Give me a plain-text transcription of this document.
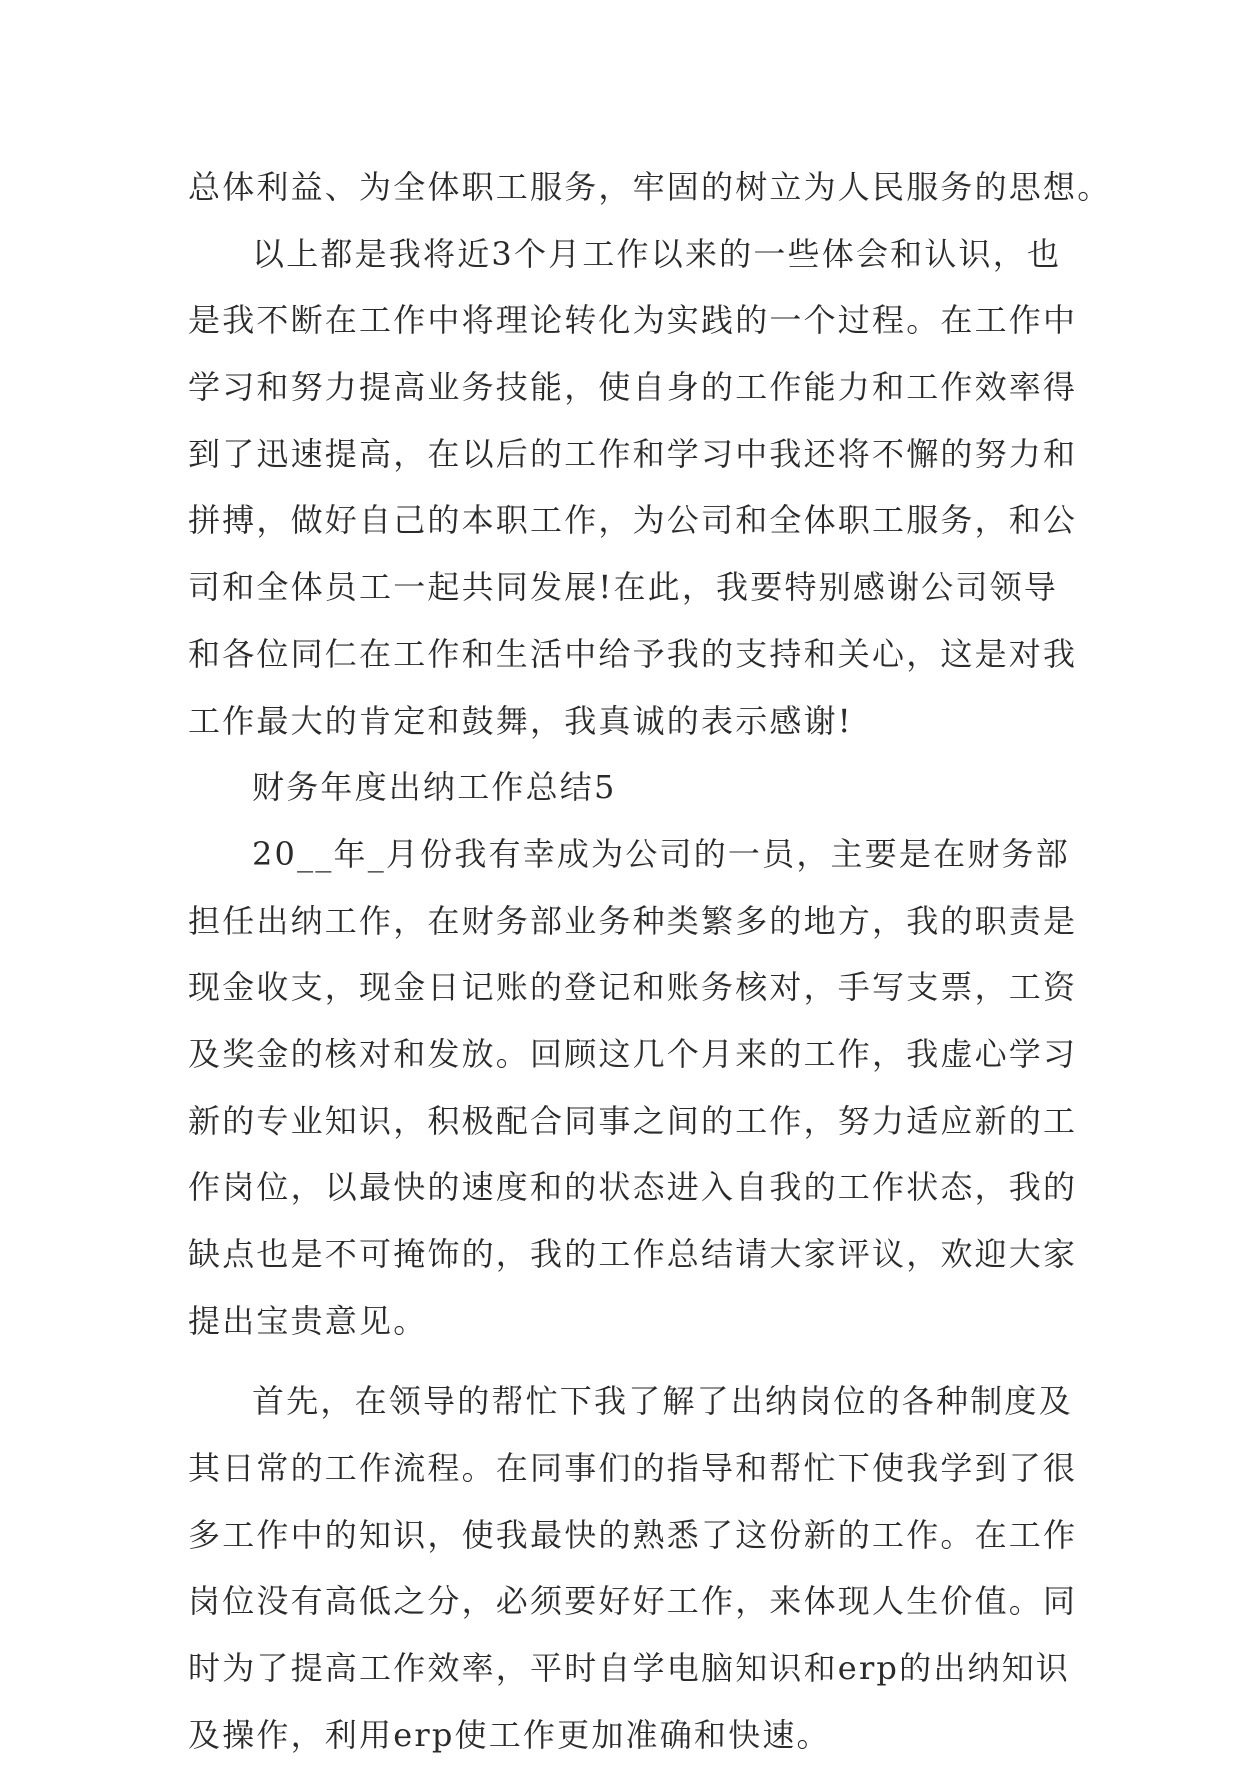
总体利益、为全体职工服务，牢固的树立为人民服务的思想。
以上都是我将近3个月工作以来的一些体会和认识，也
是我不断在工作中将理论转化为实践的一个过程。在工作中
学习和努力提高业务技能，使自身的工作能力和工作效率得
到了迅速提高，在以后的工作和学习中我还将不懈的努力和
拼搏，做好自己的本职工作，为公司和全体职工服务，和公
司和全体员工一起共同发展!在此，我要特别感谢公司领导
和各位同仁在工作和生活中给予我的支持和关心，这是对我
工作最大的肯定和鼓舞，我真诚的表示感谢!
财务年度出纳工作总结5
20__年_月份我有幸成为公司的一员，主要是在财务部
担任出纳工作，在财务部业务种类繁多的地方，我的职责是
现金收支，现金日记账的登记和账务核对，手写支票，工资
及奖金的核对和发放。回顾这几个月来的工作，我虚心学习
新的专业知识，积极配合同事之间的工作，努力适应新的工
作岗位，以最快的速度和的状态进入自我的工作状态，我的
缺点也是不可掩饰的，我的工作总结请大家评议，欢迎大家
提出宝贵意见。
首先，在领导的帮忙下我了解了出纳岗位的各种制度及
其日常的工作流程。在同事们的指导和帮忙下使我学到了很
多工作中的知识，使我最快的熟悉了这份新的工作。在工作
岗位没有高低之分，必须要好好工作，来体现人生价值。同
时为了提高工作效率，平时自学电脑知识和erp的出纳知识
及操作，利用erp使工作更加准确和快速。
